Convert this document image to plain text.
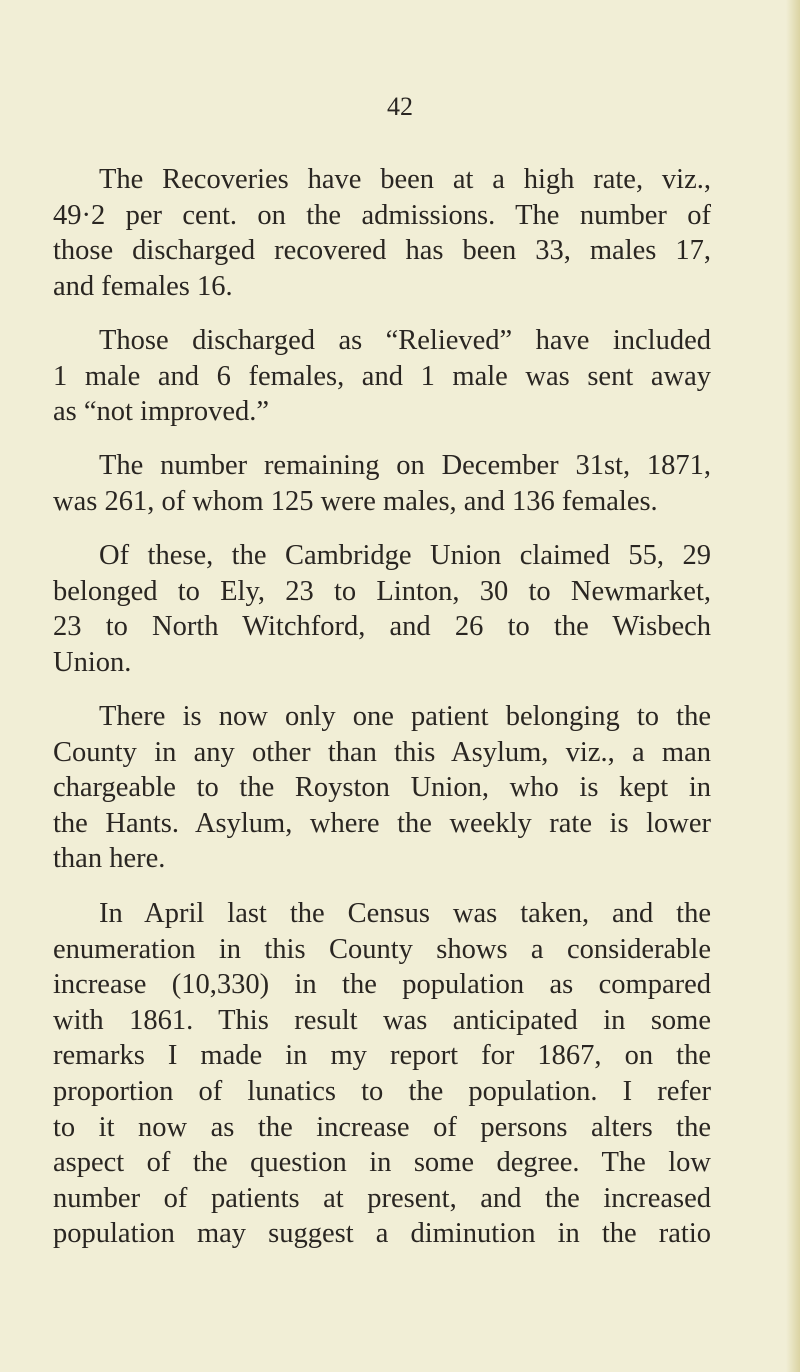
42
The Recoveries have been at a high rate, viz.,
49·2 per cent. on the admissions. The number of
those discharged recovered has been 33, males 17,
and females 16.
Those discharged as “Relieved” have included
1 male and 6 females, and 1 male was sent away
as “not improved.”
The number remaining on December 31st, 1871,
was 261, of whom 125 were males, and 136 females.
Of these, the Cambridge Union claimed 55, 29
belonged to Ely, 23 to Linton, 30 to Newmarket,
23 to North Witchford, and 26 to the Wisbech
Union.
There is now only one patient belonging to the
County in any other than this Asylum, viz., a man
chargeable to the Royston Union, who is kept in
the Hants. Asylum, where the weekly rate is lower
than here.
In April last the Census was taken, and the
enumeration in this County shows a considerable
increase (10,330) in the population as compared
with 1861. This result was anticipated in some
remarks I made in my report for 1867, on the
proportion of lunatics to the population. I refer
to it now as the increase of persons alters the
aspect of the question in some degree. The low
number of patients at present, and the increased
population may suggest a diminution in the ratio
